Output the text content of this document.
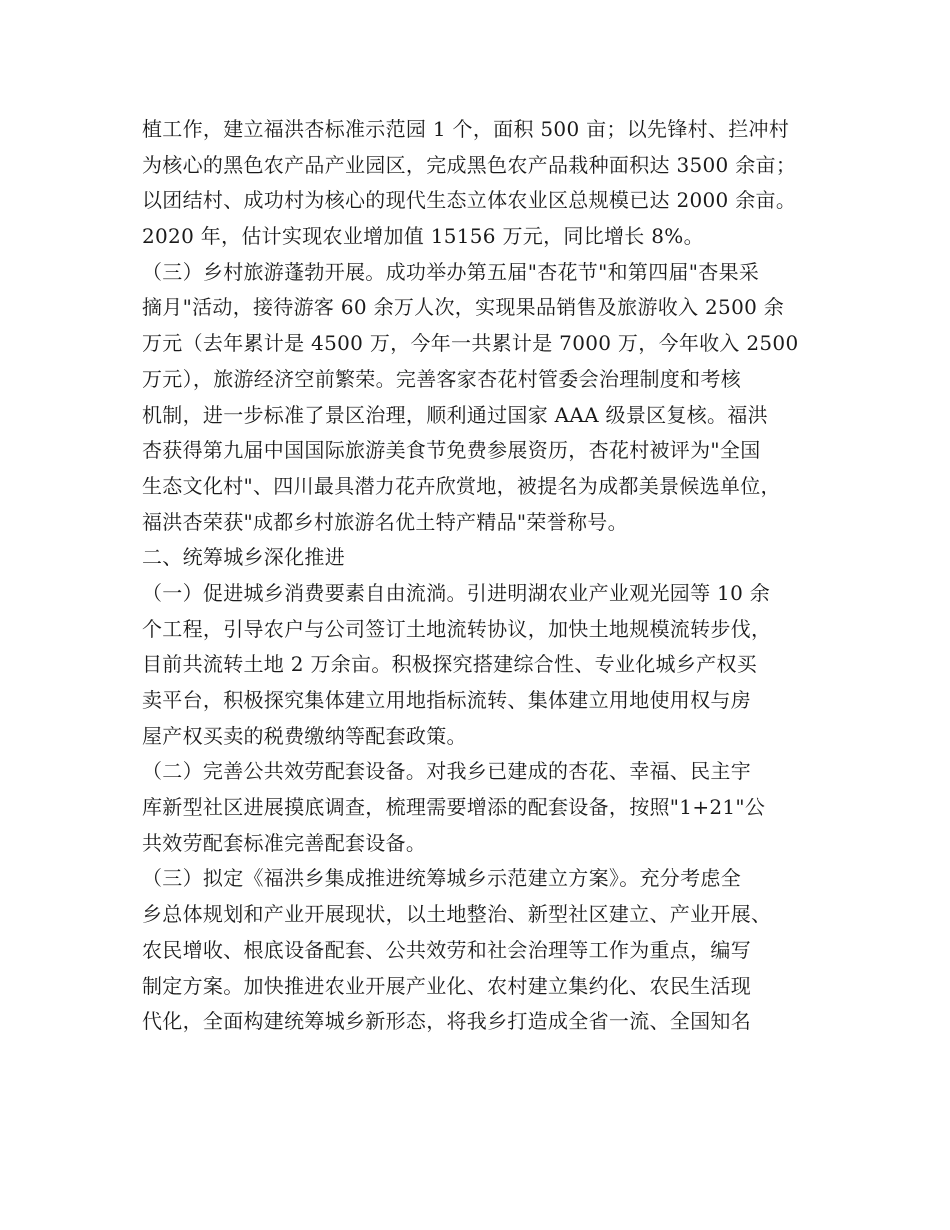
植工作，建立福洪杏标准示范园 1 个，面积 500 亩；以先锋村、拦冲村
为核心的黑色农产品产业园区，完成黑色农产品栽种面积达 3500 余亩；
以团结村、成功村为核心的现代生态立体农业区总规模已达 2000 余亩。
2020 年，估计实现农业增加值 15156 万元，同比增长 8%。
（三）乡村旅游蓬勃开展。成功举办第五届"杏花节"和第四届"杏果采
摘月"活动，接待游客 60 余万人次，实现果品销售及旅游收入 2500 余
万元（去年累计是 4500 万，今年一共累计是 7000 万，今年收入 2500
万元），旅游经济空前繁荣。完善客家杏花村管委会治理制度和考核
机制，进一步标准了景区治理，顺利通过国家 AAA 级景区复核。福洪
杏获得第九届中国国际旅游美食节免费参展资历，杏花村被评为"全国
生态文化村"、四川最具潜力花卉欣赏地，被提名为成都美景候选单位，
福洪杏荣获"成都乡村旅游名优土特产精品"荣誉称号。
二、统筹城乡深化推进
（一）促进城乡消费要素自由流淌。引进明湖农业产业观光园等 10 余
个工程，引导农户与公司签订土地流转协议，加快土地规模流转步伐，
目前共流转土地 2 万余亩。积极探究搭建综合性、专业化城乡产权买
卖平台，积极探究集体建立用地指标流转、集体建立用地使用权与房
屋产权买卖的税费缴纳等配套政策。
（二）完善公共效劳配套设备。对我乡已建成的杏花、幸福、民主宇
库新型社区进展摸底调查，梳理需要增添的配套设备，按照"1+21"公
共效劳配套标准完善配套设备。
（三）拟定《福洪乡集成推进统筹城乡示范建立方案》。充分考虑全
乡总体规划和产业开展现状，以土地整治、新型社区建立、产业开展、
农民增收、根底设备配套、公共效劳和社会治理等工作为重点，编写
制定方案。加快推进农业开展产业化、农村建立集约化、农民生活现
代化，全面构建统筹城乡新形态，将我乡打造成全省一流、全国知名
